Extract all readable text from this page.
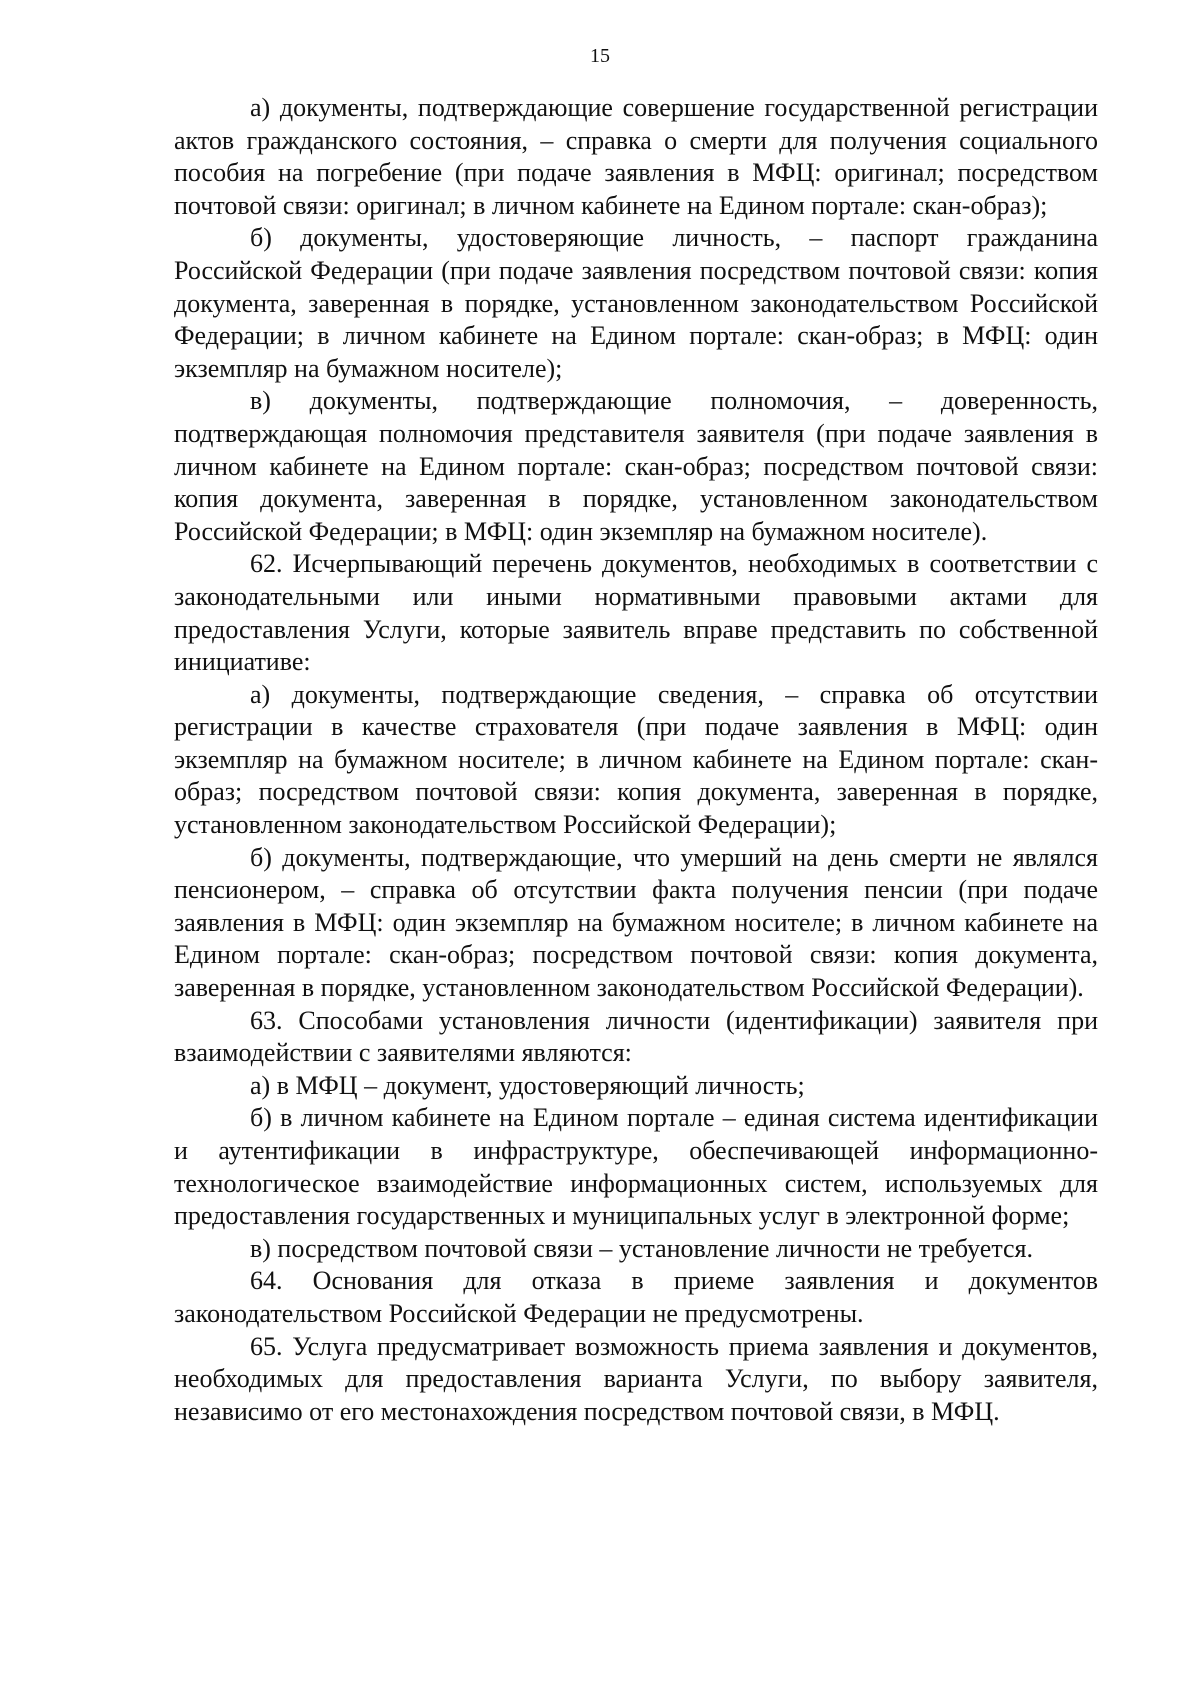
15

а) документы, подтверждающие совершение государственной регистрации актов гражданского состояния, – справка о смерти для получения социального пособия на погребение (при подаче заявления в МФЦ: оригинал; посредством почтовой связи: оригинал; в личном кабинете на Едином портале: скан-образ);

б) документы, удостоверяющие личность, – паспорт гражданина Российской Федерации (при подаче заявления посредством почтовой связи: копия документа, заверенная в порядке, установленном законодательством Российской Федерации; в личном кабинете на Едином портале: скан-образ; в МФЦ: один экземпляр на бумажном носителе);

в) документы, подтверждающие полномочия, – доверенность, подтверждающая полномочия представителя заявителя (при подаче заявления в личном кабинете на Едином портале: скан-образ; посредством почтовой связи: копия документа, заверенная в порядке, установленном законодательством Российской Федерации; в МФЦ: один экземпляр на бумажном носителе).

62. Исчерпывающий перечень документов, необходимых в соответствии с законодательными или иными нормативными правовыми актами для предоставления Услуги, которые заявитель вправе представить по собственной инициативе:

а) документы, подтверждающие сведения, – справка об отсутствии регистрации в качестве страхователя (при подаче заявления в МФЦ: один экземпляр на бумажном носителе; в личном кабинете на Едином портале: скан-образ; посредством почтовой связи: копия документа, заверенная в порядке, установленном законодательством Российской Федерации);

б) документы, подтверждающие, что умерший на день смерти не являлся пенсионером, – справка об отсутствии факта получения пенсии (при подаче заявления в МФЦ: один экземпляр на бумажном носителе; в личном кабинете на Едином портале: скан-образ; посредством почтовой связи: копия документа, заверенная в порядке, установленном законодательством Российской Федерации).

63. Способами установления личности (идентификации) заявителя при взаимодействии с заявителями являются:

а) в МФЦ – документ, удостоверяющий личность;

б) в личном кабинете на Едином портале – единая система идентификации и аутентификации в инфраструктуре, обеспечивающей информационно-технологическое взаимодействие информационных систем, используемых для предоставления государственных и муниципальных услуг в электронной форме;

в) посредством почтовой связи – установление личности не требуется.

64. Основания для отказа в приеме заявления и документов законодательством Российской Федерации не предусмотрены.

65. Услуга предусматривает возможность приема заявления и документов, необходимых для предоставления варианта Услуги, по выбору заявителя, независимо от его местонахождения посредством почтовой связи, в МФЦ.
